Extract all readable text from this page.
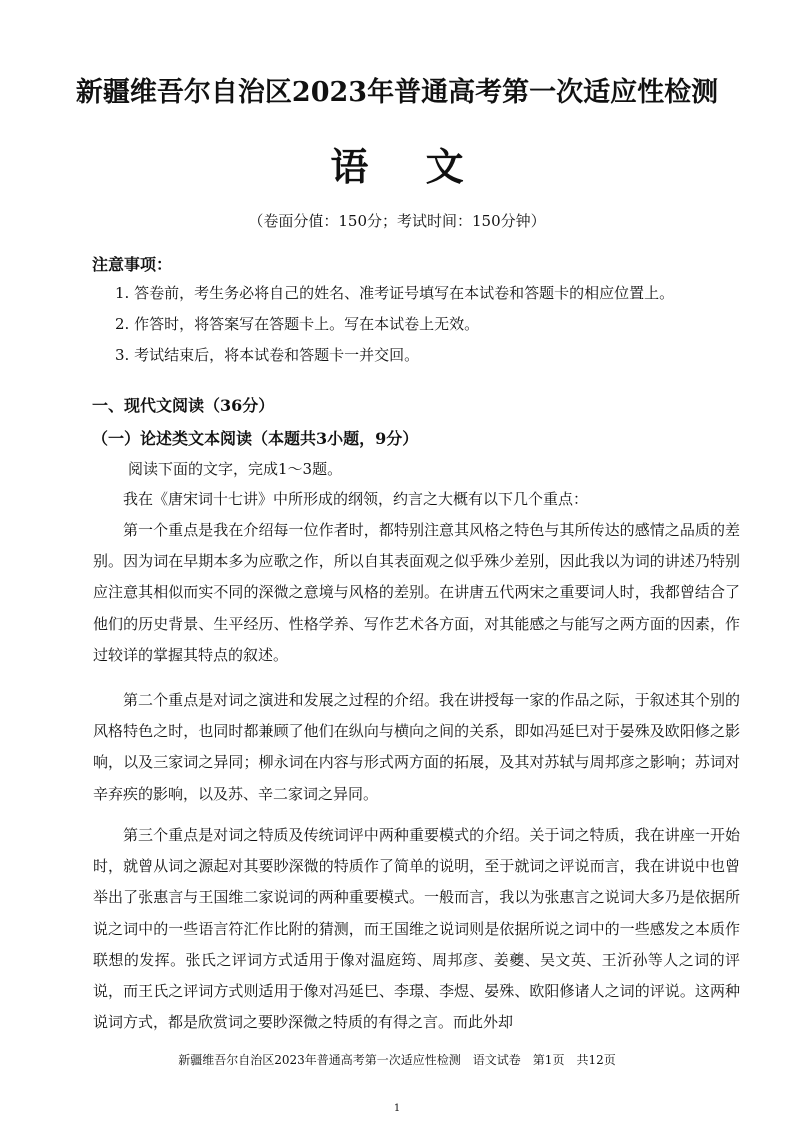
新疆维吾尔自治区2023年普通高考第一次适应性检测
语 文
（卷面分值：150分；考试时间：150分钟）
注意事项：
1. 答卷前，考生务必将自己的姓名、准考证号填写在本试卷和答题卡的相应位置上。
2. 作答时，将答案写在答题卡上。写在本试卷上无效。
3. 考试结束后，将本试卷和答题卡一并交回。
一、现代文阅读（36分）
（一）论述类文本阅读（本题共3小题，9分）
阅读下面的文字，完成1～3题。
我在《唐宋词十七讲》中所形成的纲领，约言之大概有以下几个重点：
第一个重点是我在介绍每一位作者时，都特别注意其风格之特色与其所传达的感情之品质的差别。因为词在早期本多为应歌之作，所以自其表面观之似乎殊少差别，因此我以为词的讲述乃特别应注意其相似而实不同的深微之意境与风格的差别。在讲唐五代两宋之重要词人时，我都曾结合了他们的历史背景、生平经历、性格学养、写作艺术各方面，对其能感之与能写之两方面的因素，作过较详的掌握其特点的叙述。
第二个重点是对词之演进和发展之过程的介绍。我在讲授每一家的作品之际，于叙述其个别的风格特色之时，也同时都兼顾了他们在纵向与横向之间的关系，即如冯延巳对于晏殊及欧阳修之影响，以及三家词之异同；柳永词在内容与形式两方面的拓展，及其对苏轼与周邦彦之影响；苏词对辛弃疾的影响，以及苏、辛二家词之异同。
第三个重点是对词之特质及传统词评中两种重要模式的介绍。关于词之特质，我在讲座一开始时，就曾从词之源起对其要眇深微的特质作了简单的说明，至于就词之评说而言，我在讲说中也曾举出了张惠言与王国维二家说词的两种重要模式。一般而言，我以为张惠言之说词大多乃是依据所说之词中的一些语言符汇作比附的猜测，而王国维之说词则是依据所说之词中的一些感发之本质作联想的发挥。张氏之评词方式适用于像对温庭筠、周邦彦、姜夔、吴文英、王沂孙等人之词的评说，而王氏之评词方式则适用于像对冯延巳、李璟、李煜、晏殊、欧阳修诸人之词的评说。这两种说词方式，都是欣赏词之要眇深微之特质的有得之言。而此外却
新疆维吾尔自治区2023年普通高考第一次适应性检测　语文试卷　第1页　共12页
1
